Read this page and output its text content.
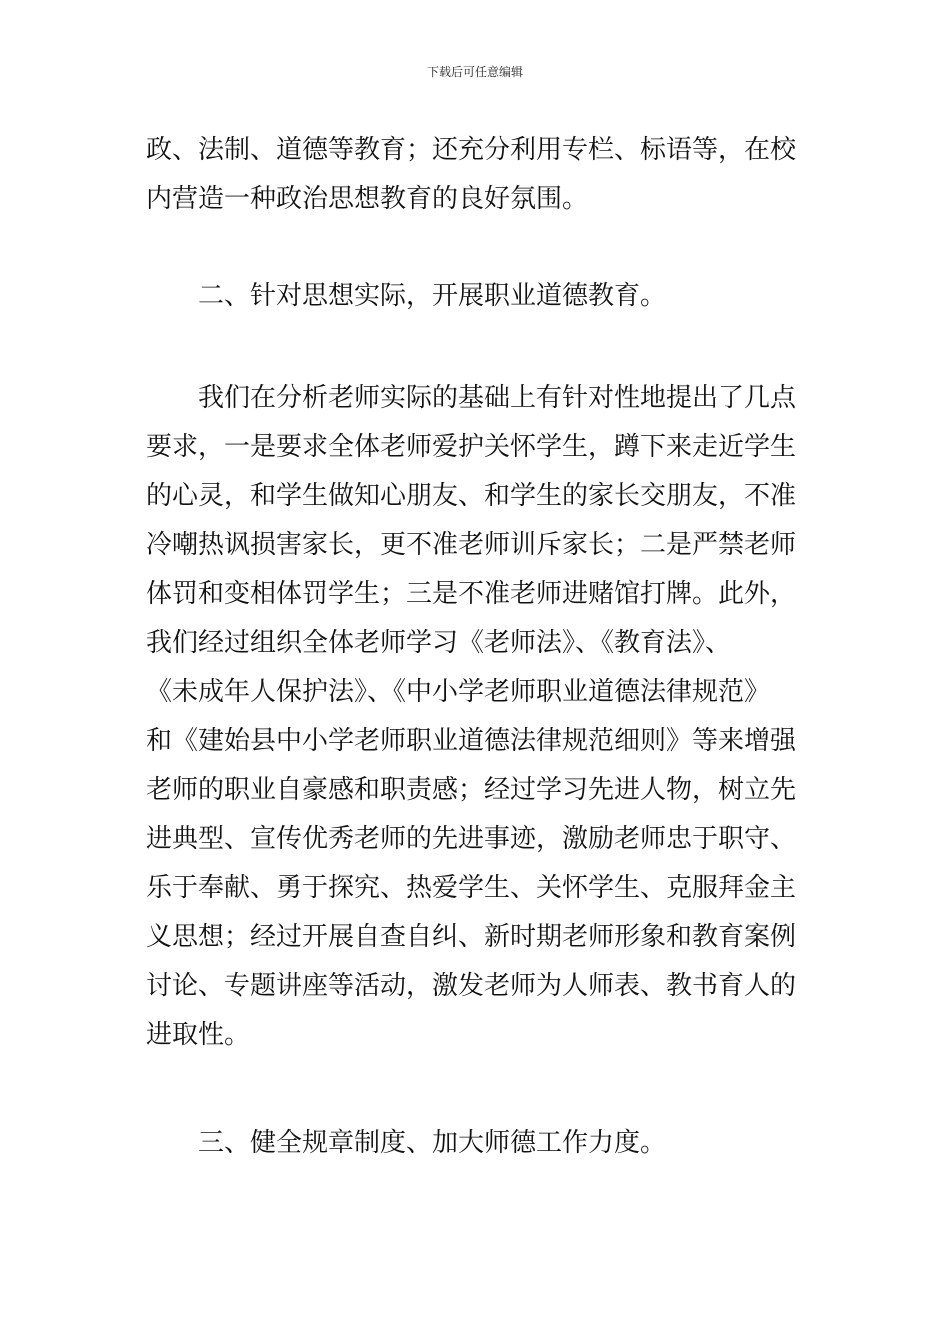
下载后可任意编辑
政、法制、道德等教育；还充分利用专栏、标语等，在校
内营造一种政治思想教育的良好氛围。
二、针对思想实际，开展职业道德教育。
我们在分析老师实际的基础上有针对性地提出了几点
要求，一是要求全体老师爱护关怀学生，蹲下来走近学生
的心灵，和学生做知心朋友、和学生的家长交朋友，不准
冷嘲热讽损害家长，更不准老师训斥家长；二是严禁老师
体罚和变相体罚学生；三是不准老师进赌馆打牌。此外，
我们经过组织全体老师学习《老师法》、《教育法》、
《未成年人保护法》、《中小学老师职业道德法律规范》
和《建始县中小学老师职业道德法律规范细则》等来增强
老师的职业自豪感和职责感；经过学习先进人物，树立先
进典型、宣传优秀老师的先进事迹，激励老师忠于职守、
乐于奉献、勇于探究、热爱学生、关怀学生、克服拜金主
义思想；经过开展自查自纠、新时期老师形象和教育案例
讨论、专题讲座等活动，激发老师为人师表、教书育人的
进取性。
三、健全规章制度、加大师德工作力度。
